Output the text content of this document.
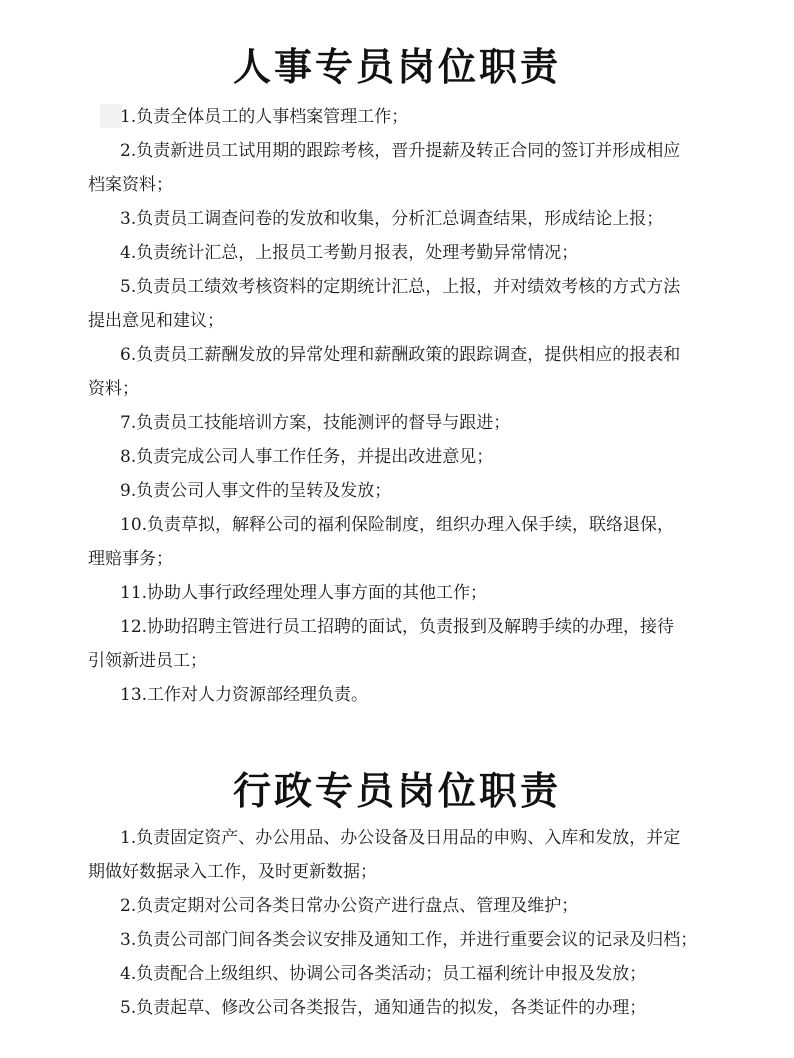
人事专员岗位职责
1.负责全体员工的人事档案管理工作；
2.负责新进员工试用期的跟踪考核，晋升提薪及转正合同的签订并形成相应
档案资料；
3.负责员工调查问卷的发放和收集，分析汇总调查结果，形成结论上报；
4.负责统计汇总，上报员工考勤月报表，处理考勤异常情况；
5.负责员工绩效考核资料的定期统计汇总，上报，并对绩效考核的方式方法
提出意见和建议；
6.负责员工薪酬发放的异常处理和薪酬政策的跟踪调查，提供相应的报表和
资料；
7.负责员工技能培训方案，技能测评的督导与跟进；
8.负责完成公司人事工作任务，并提出改进意见；
9.负责公司人事文件的呈转及发放；
10.负责草拟，解释公司的福利保险制度，组织办理入保手续，联络退保，
理赔事务；
11.协助人事行政经理处理人事方面的其他工作；
12.协助招聘主管进行员工招聘的面试，负责报到及解聘手续的办理，接待
引领新进员工；
13.工作对人力资源部经理负责。
行政专员岗位职责
1.负责固定资产、办公用品、办公设备及日用品的申购、入库和发放，并定
期做好数据录入工作，及时更新数据；
2.负责定期对公司各类日常办公资产进行盘点、管理及维护；
3.负责公司部门间各类会议安排及通知工作，并进行重要会议的记录及归档；
4.负责配合上级组织、协调公司各类活动；员工福利统计申报及发放；
5.负责起草、修改公司各类报告，通知通告的拟发，各类证件的办理；
